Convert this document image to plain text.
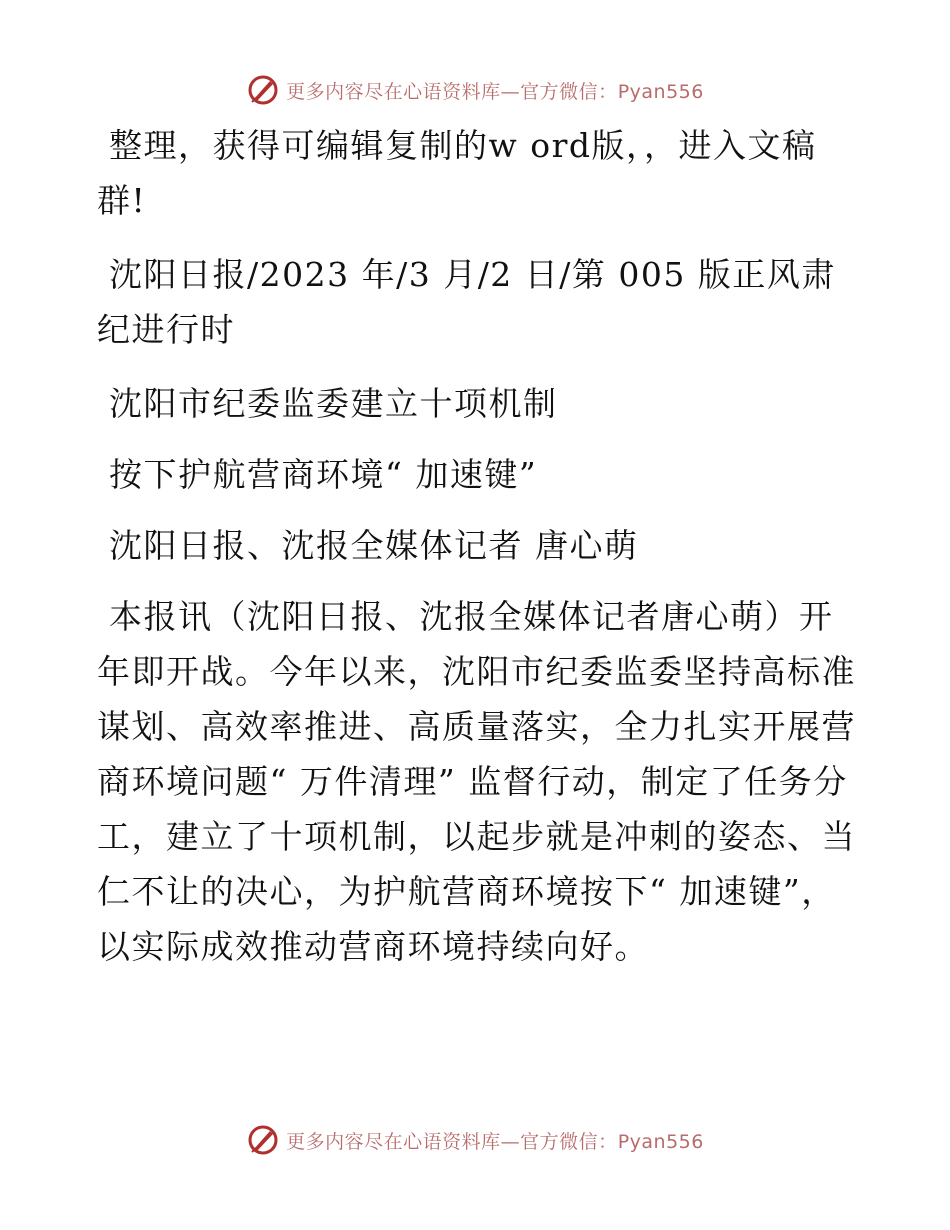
更多内容尽在心语资料库—官方微信：Pyan556

整理，获得可编辑复制的w ord版，，进入文稿群!

沈阳日报/2023 年/3 月/2 日/第 005 版正风肃纪进行时

沈阳市纪委监委建立十项机制

按下护航营商环境“ 加速键”

沈阳日报、沈报全媒体记者 唐心萌

本报讯（沈阳日报、沈报全媒体记者唐心萌）开年即开战。今年以来，沈阳市纪委监委坚持高标准谋划、高效率推进、高质量落实，全力扎实开展营商环境问题“ 万件清理” 监督行动，制定了任务分工，建立了十项机制，以起步就是冲刺的姿态、当仁不让的决心，为护航营商环境按下“ 加速键”，以实际成效推动营商环境持续向好。

更多内容尽在心语资料库—官方微信：Pyan556
